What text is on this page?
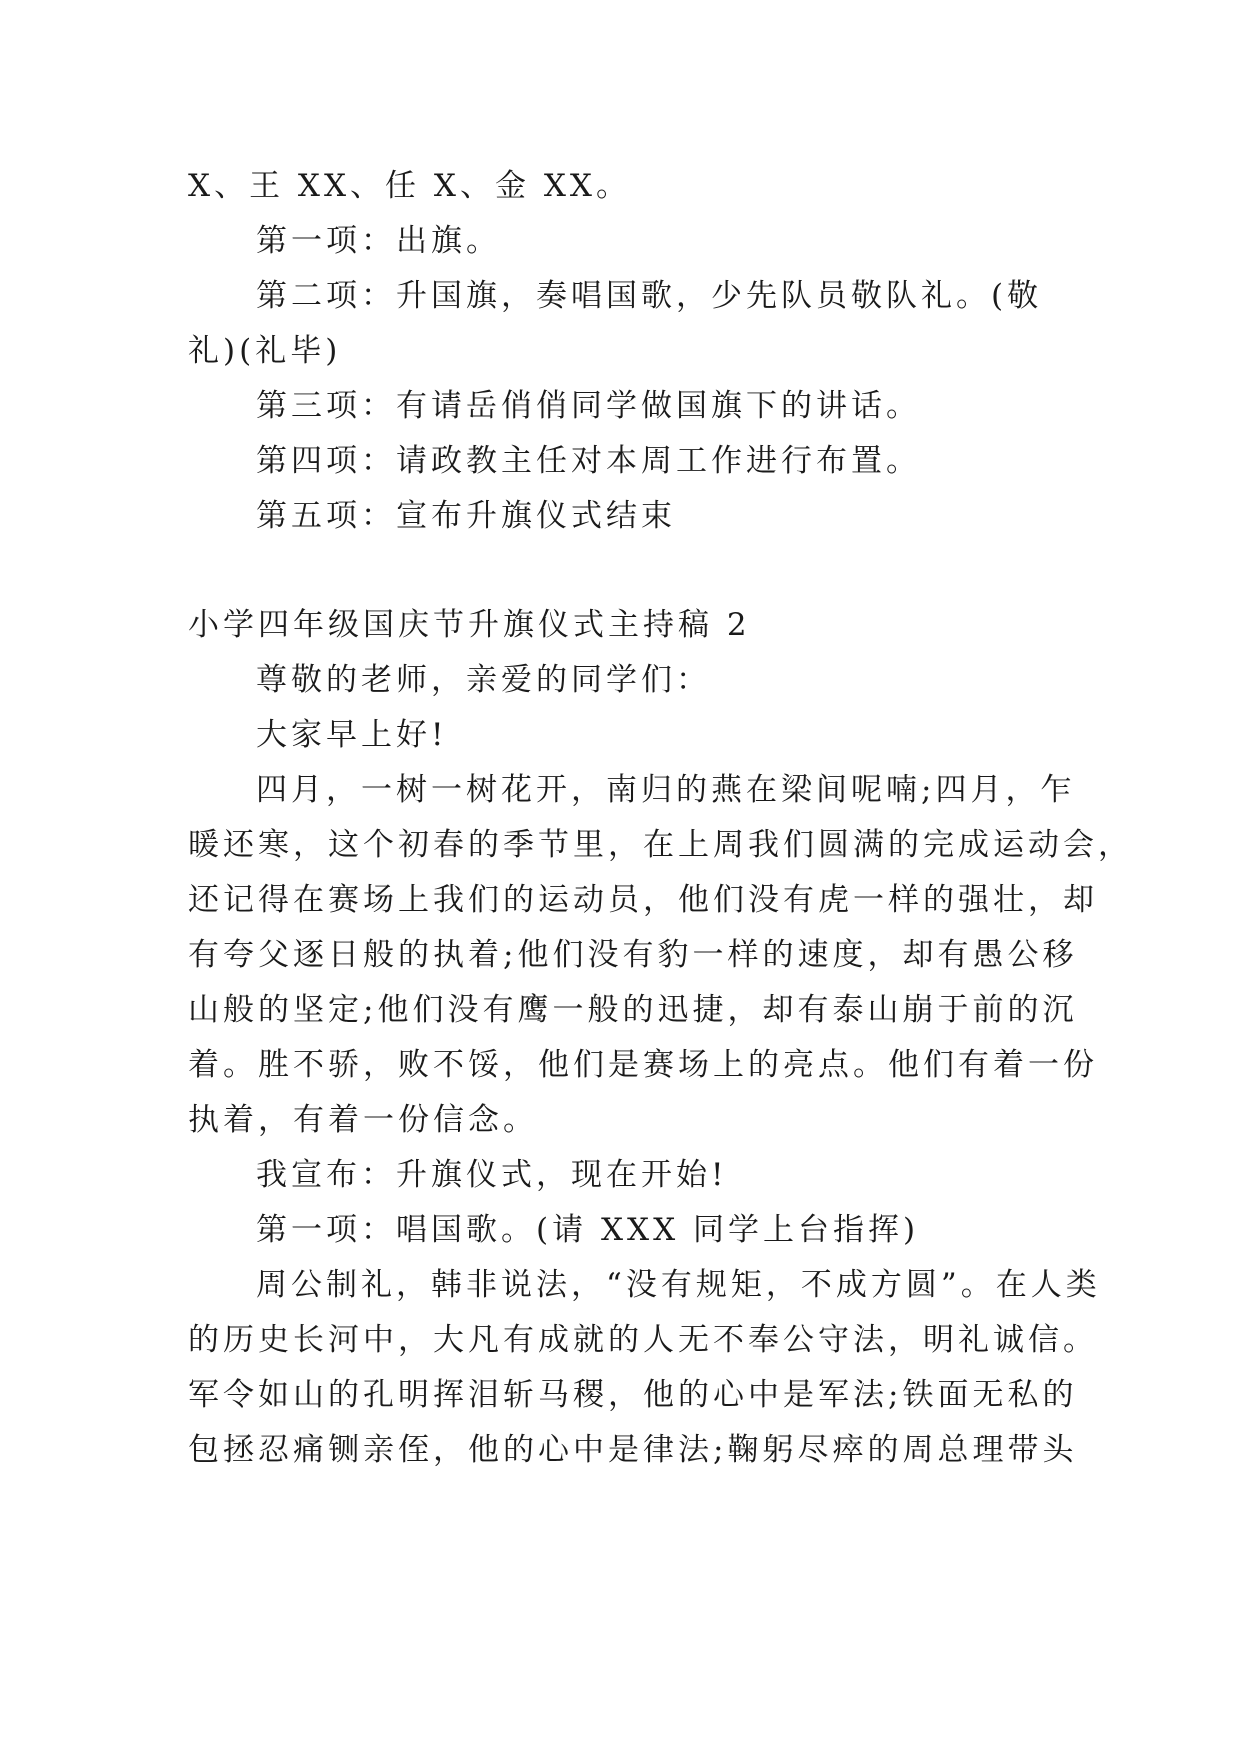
X、王 XX、任 X、金 XX。
第一项：出旗。
第二项：升国旗，奏唱国歌，少先队员敬队礼。(敬
礼)(礼毕)
第三项：有请岳俏俏同学做国旗下的讲话。
第四项：请政教主任对本周工作进行布置。
第五项：宣布升旗仪式结束
小学四年级国庆节升旗仪式主持稿 2
尊敬的老师，亲爱的同学们：
大家早上好!
四月，一树一树花开，南归的燕在梁间呢喃;四月，乍
暖还寒，这个初春的季节里，在上周我们圆满的完成运动会，
还记得在赛场上我们的运动员，他们没有虎一样的强壮，却
有夸父逐日般的执着;他们没有豹一样的速度，却有愚公移
山般的坚定;他们没有鹰一般的迅捷，却有泰山崩于前的沉
着。胜不骄，败不馁，他们是赛场上的亮点。他们有着一份
执着，有着一份信念。
我宣布：升旗仪式，现在开始!
第一项：唱国歌。(请 XXX 同学上台指挥)
周公制礼，韩非说法，“没有规矩，不成方圆”。在人类
的历史长河中，大凡有成就的人无不奉公守法，明礼诚信。
军令如山的孔明挥泪斩马稷，他的心中是军法;铁面无私的
包拯忍痛铡亲侄，他的心中是律法;鞠躬尽瘁的周总理带头
